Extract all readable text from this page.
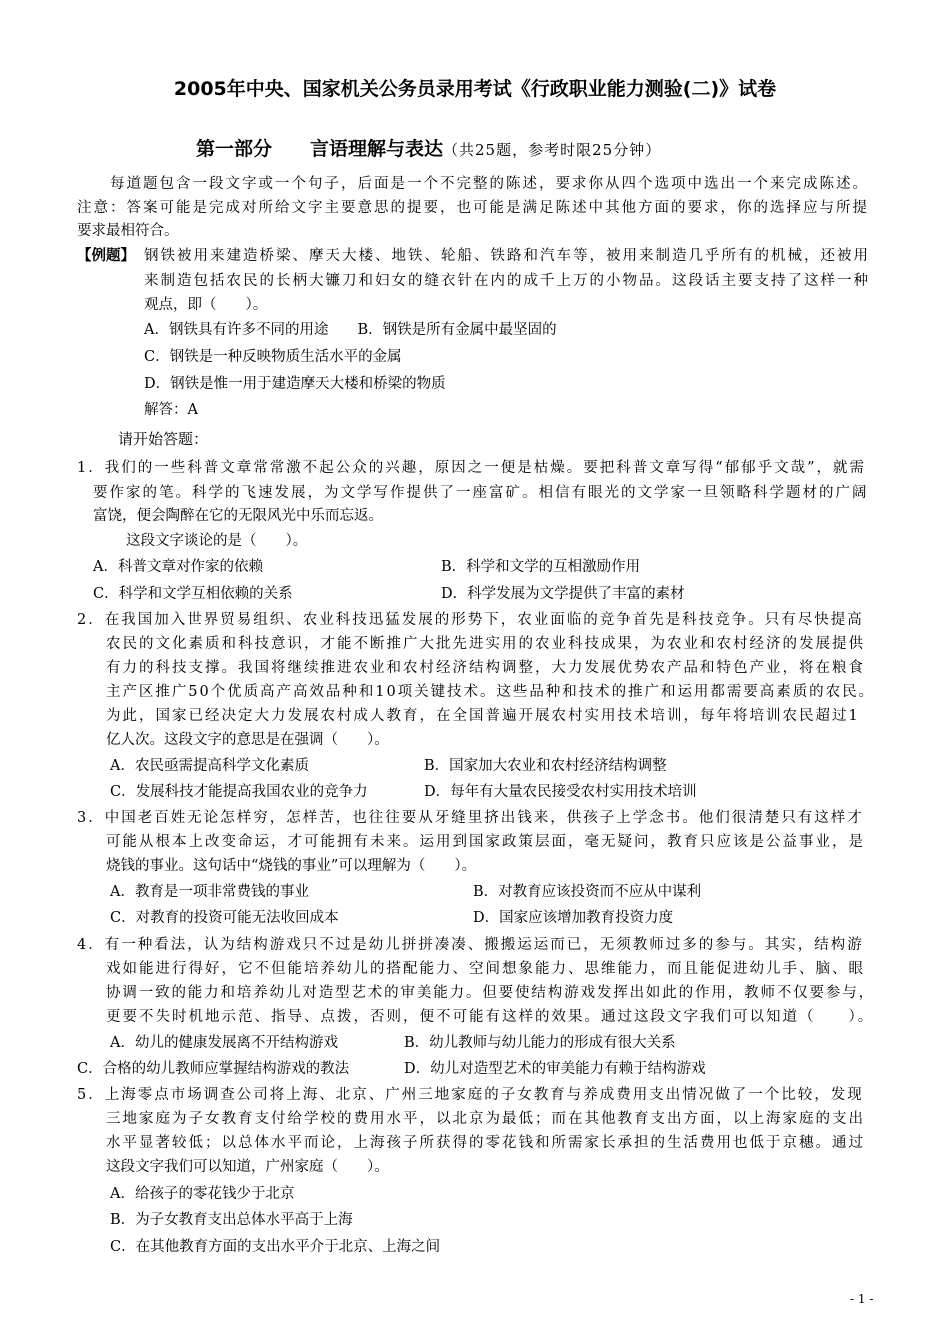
2005年中央、国家机关公务员录用考试《行政职业能力测验(二)》试卷
第一部分　　言语理解与表达（共25题，参考时限25分钟）
每道题包含一段文字或一个句子，后面是一个不完整的陈述，要求你从四个选项中选出一个来完成陈述。
注意：答案可能是完成对所给文字主要意思的提要，也可能是满足陈述中其他方面的要求，你的选择应与所提
要求最相符合。
【例题】 钢铁被用来建造桥梁、摩天大楼、地铁、轮船、铁路和汽车等，被用来制造几乎所有的机械，还被用
来制造包括农民的长柄大镰刀和妇女的缝衣针在内的成千上万的小物品。这段话主要支持了这样一种
观点，即（　　）。
A．钢铁具有许多不同的用途　　B．钢铁是所有金属中最坚固的
C．钢铁是一种反映物质生活水平的金属
D．钢铁是惟一用于建造摩天大楼和桥梁的物质
解答：A
请开始答题：
1．我们的一些科普文章常常激不起公众的兴趣，原因之一便是枯燥。要把科普文章写得“郁郁乎文哉”，就需
要作家的笔。科学的飞速发展，为文学写作提供了一座富矿。相信有眼光的文学家一旦领略科学题材的广阔
富饶，便会陶醉在它的无限风光中乐而忘返。
这段文字谈论的是（　　）。
A．科普文章对作家的依赖	B．科学和文学的互相激励作用
C．科学和文学互相依赖的关系	D．科学发展为文学提供了丰富的素材
2．在我国加入世界贸易组织、农业科技迅猛发展的形势下，农业面临的竞争首先是科技竞争。只有尽快提高
农民的文化素质和科技意识，才能不断推广大批先进实用的农业科技成果，为农业和农村经济的发展提供
有力的科技支撑。我国将继续推进农业和农村经济结构调整，大力发展优势农产品和特色产业，将在粮食
主产区推广50个优质高产高效品种和10项关键技术。这些品种和技术的推广和运用都需要高素质的农民。
为此，国家已经决定大力发展农村成人教育，在全国普遍开展农村实用技术培训，每年将培训农民超过1
亿人次。这段文字的意思是在强调（　　）。
A．农民亟需提高科学文化素质	B．国家加大农业和农村经济结构调整
C．发展科技才能提高我国农业的竞争力	D．每年有大量农民接受农村实用技术培训
3．中国老百姓无论怎样穷，怎样苦，也往往要从牙缝里挤出钱来，供孩子上学念书。他们很清楚只有这样才
可能从根本上改变命运，才可能拥有未来。运用到国家政策层面，毫无疑问，教育只应该是公益事业，是
烧钱的事业。这句话中“烧钱的事业”可以理解为（　　）。
A．教育是一项非常费钱的事业	B．对教育应该投资而不应从中谋利
C．对教育的投资可能无法收回成本	D．国家应该增加教育投资力度
4．有一种看法，认为结构游戏只不过是幼儿拼拼凑凑、搬搬运运而已，无须教师过多的参与。其实，结构游
戏如能进行得好，它不但能培养幼儿的搭配能力、空间想象能力、思维能力，而且能促进幼儿手、脑、眼
协调一致的能力和培养幼儿对造型艺术的审美能力。但要使结构游戏发挥出如此的作用，教师不仅要参与，
更要不失时机地示范、指导、点拨，否则，便不可能有这样的效果。通过这段文字我们可以知道（　　）。
A．幼儿的健康发展离不开结构游戏	B．幼儿教师与幼儿能力的形成有很大关系
C．合格的幼儿教师应掌握结构游戏的教法	D．幼儿对造型艺术的审美能力有赖于结构游戏
5．上海零点市场调查公司将上海、北京、广州三地家庭的子女教育与养成费用支出情况做了一个比较，发现
三地家庭为子女教育支付给学校的费用水平，以北京为最低；而在其他教育支出方面，以上海家庭的支出
水平显著较低；以总体水平而论，上海孩子所获得的零花钱和所需家长承担的生活费用也低于京穗。通过
这段文字我们可以知道，广州家庭（　　）。
A．给孩子的零花钱少于北京
B．为子女教育支出总体水平高于上海
C．在其他教育方面的支出水平介于北京、上海之间
- 1 -
